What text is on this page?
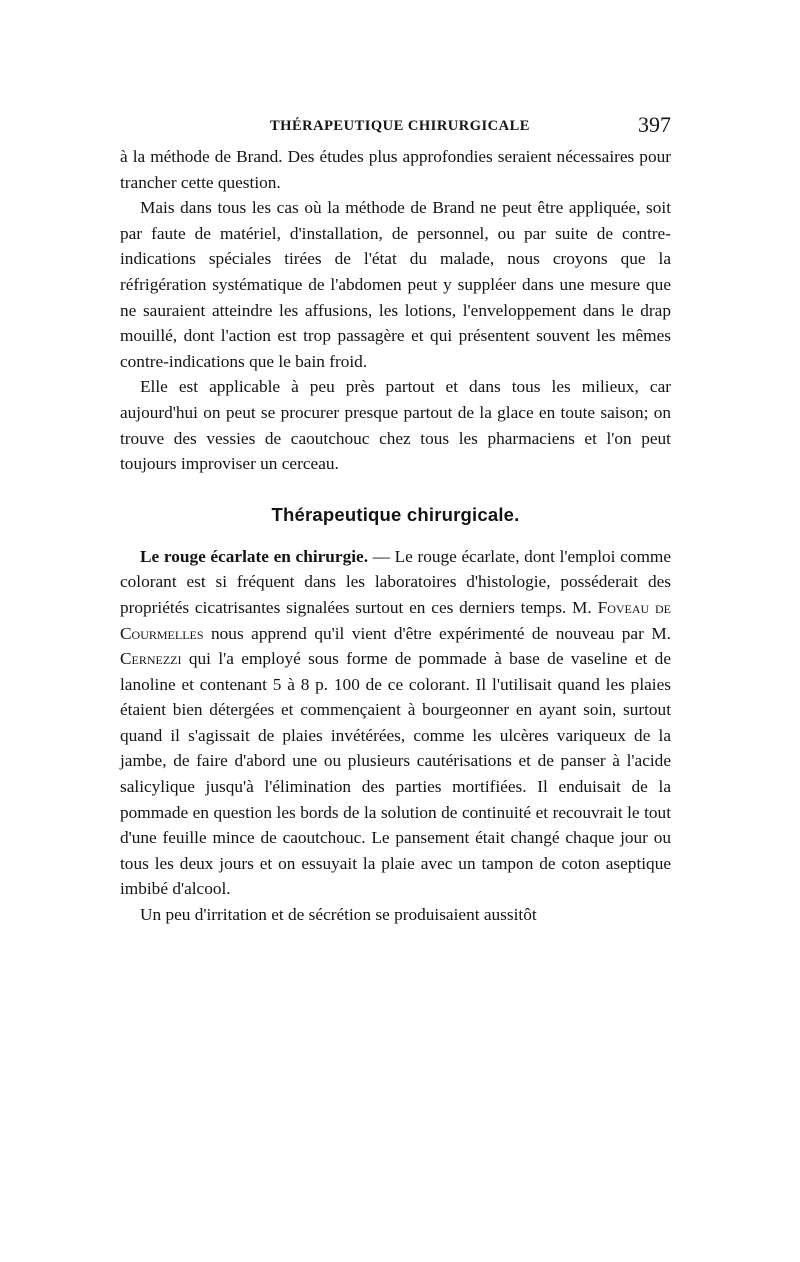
THÉRAPEUTIQUE CHIRURGICALE	397

à la méthode de Brand. Des études plus approfondies seraient nécessaires pour trancher cette question.

Mais dans tous les cas où la méthode de Brand ne peut être appliquée, soit par faute de matériel, d'installation, de personnel, ou par suite de contre-indications spéciales tirées de l'état du malade, nous croyons que la réfrigération systématique de l'abdomen peut y suppléer dans une mesure que ne sauraient atteindre les affusions, les lotions, l'enveloppement dans le drap mouillé, dont l'action est trop passagère et qui présentent souvent les mêmes contre-indications que le bain froid.

Elle est applicable à peu près partout et dans tous les milieux, car aujourd'hui on peut se procurer presque partout de la glace en toute saison; on trouve des vessies de caoutchouc chez tous les pharmaciens et l'on peut toujours improviser un cerceau.

Thérapeutique chirurgicale.

Le rouge écarlate en chirurgie. — Le rouge écarlate, dont l'emploi comme colorant est si fréquent dans les laboratoires d'histologie, posséderait des propriétés cicatrisantes signalées surtout en ces derniers temps. M. Foveau de Courmelles nous apprend qu'il vient d'être expérimenté de nouveau par M. Cernezzi qui l'a employé sous forme de pommade à base de vaseline et de lanoline et contenant 5 à 8 p. 100 de ce colorant. Il l'utilisait quand les plaies étaient bien détergées et commençaient à bourgeonner en ayant soin, surtout quand il s'agissait de plaies invétérées, comme les ulcères variqueux de la jambe, de faire d'abord une ou plusieurs cautérisations et de panser à l'acide salicylique jusqu'à l'élimination des parties mortifiées. Il enduisait de la pommade en question les bords de la solution de continuité et recouvrait le tout d'une feuille mince de caoutchouc. Le pansement était changé chaque jour ou tous les deux jours et on essuyait la plaie avec un tampon de coton aseptique imbibé d'alcool.

Un peu d'irritation et de sécrétion se produisaient aussitôt
